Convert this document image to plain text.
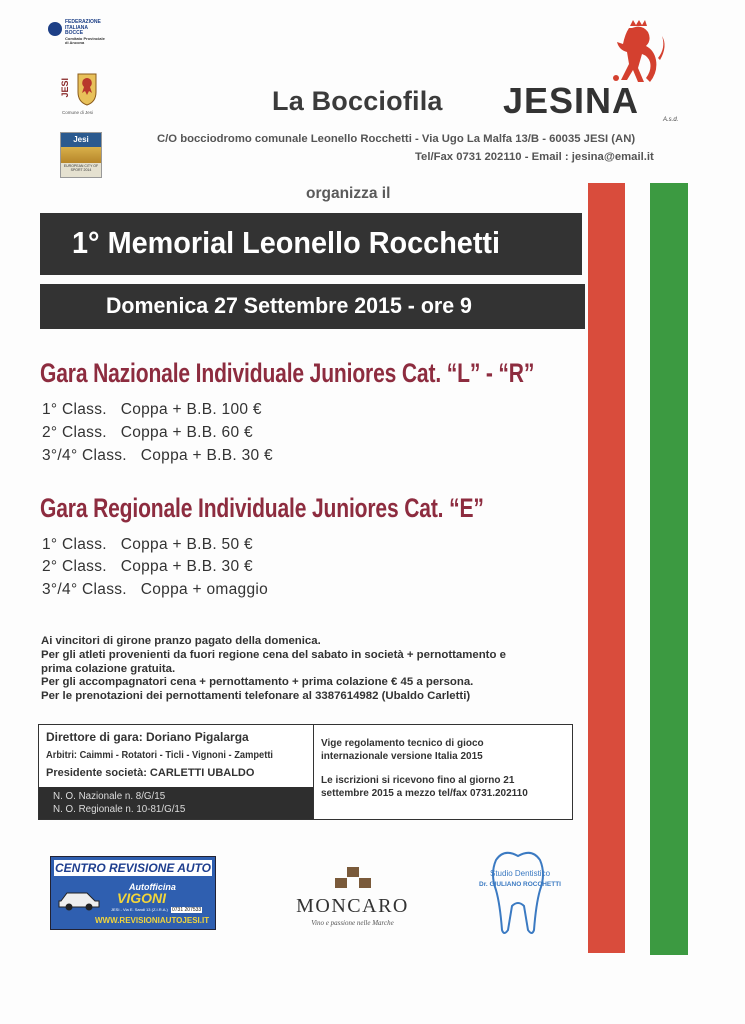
FEDERAZIONE
ITALIANA
BOCCE
Comitato Provinciale
di Ancona
JESI
Comune di Jesi
Jesi
EUROPEAN CITY OF SPORT 2014
La Bocciofila JESINA	A.s.d.
C/O bocciodromo comunale Leonello Rocchetti - Via Ugo La Malfa 13/B - 60035 JESI (AN)
Tel/Fax 0731 202110 - Email : jesina@email.it
organizza il
1° Memorial Leonello Rocchetti
Domenica 27 Settembre 2015 - ore 9
Gara Nazionale Individuale Juniores Cat. “L” - “R”
1° Class.   Coppa + B.B. 100 €
2° Class.   Coppa + B.B. 60 €
3°/4° Class.   Coppa + B.B. 30 €
Gara Regionale Individuale Juniores Cat. “E”
1° Class.   Coppa + B.B. 50 €
2° Class.   Coppa + B.B. 30 €
3°/4° Class.   Coppa + omaggio
Ai vincitori di girone pranzo pagato della domenica.
Per gli atleti provenienti da fuori regione cena del sabato in società + pernottamento e
prima colazione gratuita.
Per gli accompagnatori cena + pernottamento + prima colazione € 45 a persona.
Per le prenotazioni dei pernottamenti telefonare al 3387614982 (Ubaldo Carletti)
Direttore di gara: Doriano Pigalarga
Arbitri: Caimmi - Rotatori - Ticli - Vignoni - Zampetti
Presidente società: CARLETTI UBALDO
N. O. Nazionale n. 8/G/15
N. O. Regionale n. 10-81/G/15
Vige regolamento tecnico di gioco
internazionale versione Italia 2015
Le iscrizioni si ricevono fino al giorno 21
settembre 2015 a mezzo tel/fax 0731.202110
CENTRO REVISIONE AUTO
Autofficina
VIGONI
JESI - Via E. Sandi 13 (Z.I.R.A.) 0731 207533
WWW.REVISIONIAUTOJESI.IT
MONCARO
Vino e passione nelle Marche
Studio Dentistico
Dr. GIULIANO ROCCHETTI
